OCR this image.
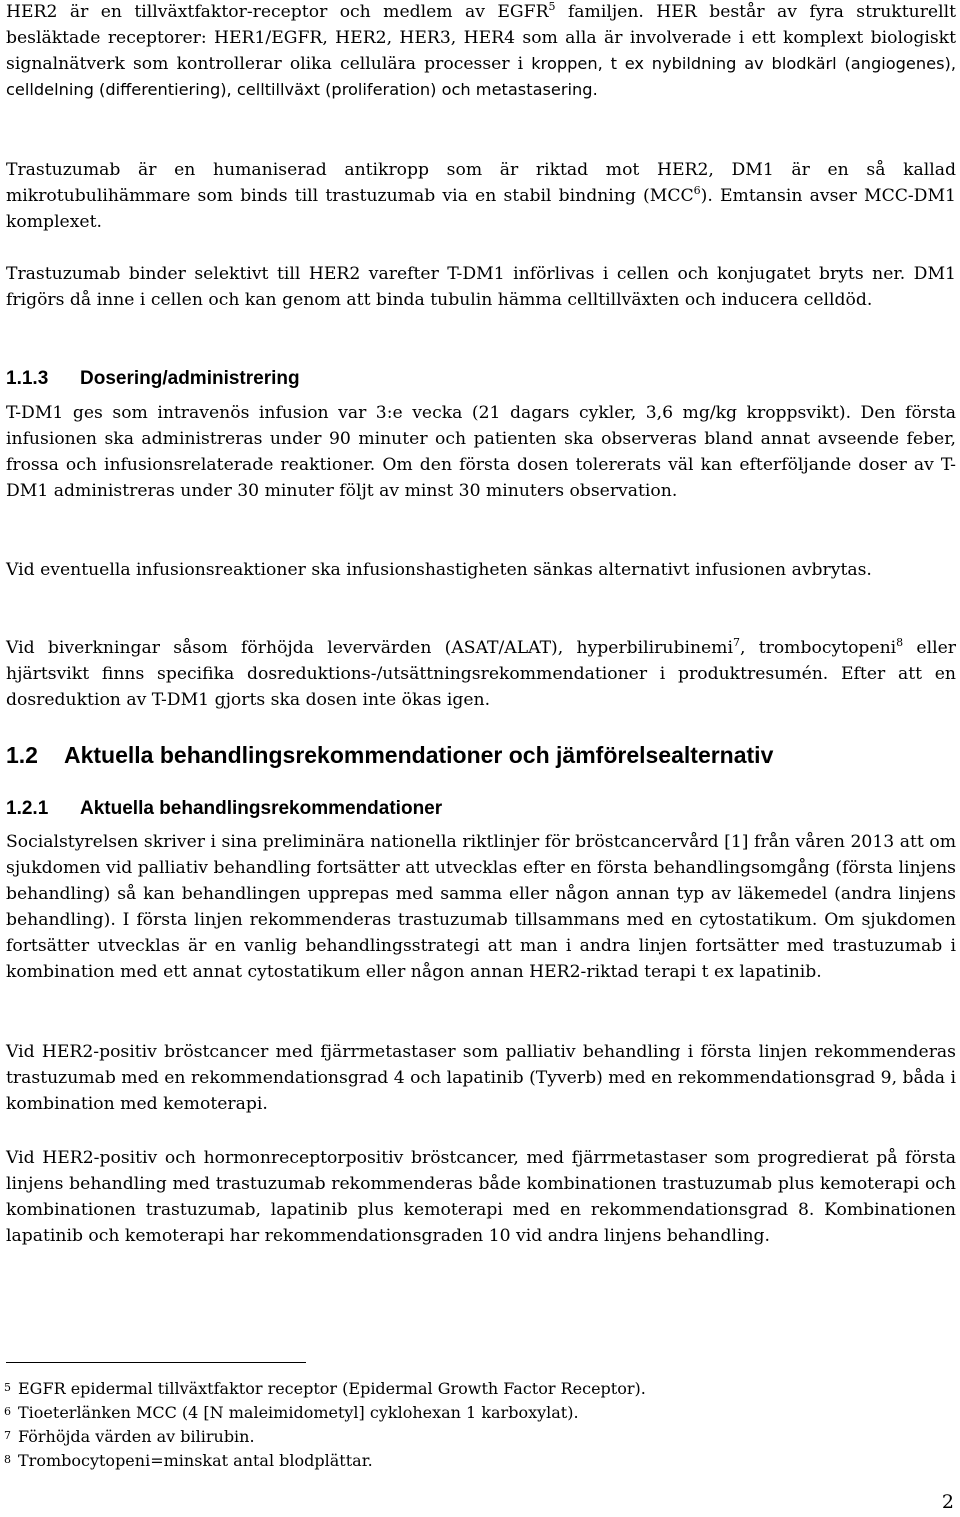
HER2 är en tillväxtfaktor-receptor och medlem av EGFR$^5$ familjen. HER består av fyra strukturellt besläktade receptorer: HER1/EGFR, HER2, HER3, HER4 som alla är involverade i ett komplext biologiskt signalnätverk som kontrollerar olika cellulära processer i kroppen, t ex nybildning av blodkärl (angiogenes), celldelning (differentiering), celltillväxt (proliferation) och metastasering.

Trastuzumab är en humaniserad antikropp som är riktad mot HER2, DM1 är en så kallad mikrotubulihämmare som binds till trastuzumab via en stabil bindning (MCC$^6$). Emtansin avser MCC-DM1 komplexet.

Trastuzumab binder selektivt till HER2 varefter T-DM1 införlivas i cellen och konjugatet bryts ner. DM1 frigörs då inne i cellen och kan genom att binda tubulin hämma celltillväxten och inducera celldöd.

1.1.3 Dosering/administrering

T-DM1 ges som intravenös infusion var 3:e vecka (21 dagars cykler, 3,6 mg/kg kroppsvikt). Den första infusionen ska administreras under 90 minuter och patienten ska observeras bland annat avseende feber, frossa och infusionsrelaterade reaktioner. Om den första dosen tolererats väl kan efterföljande doser av T-DM1 administreras under 30 minuter följt av minst 30 minuters observation.

Vid eventuella infusionsreaktioner ska infusionshastigheten sänkas alternativt infusionen avbrytas.

Vid biverkningar såsom förhöjda levervärden (ASAT/ALAT), hyperbilirubinemi$^7$, trombocytopeni$^8$ eller hjärtsvikt finns specifika dosreduktions-/utsättningsrekommendationer i produktresumén. Efter att en dosreduktion av T-DM1 gjorts ska dosen inte ökas igen.

1.2 Aktuella behandlingsrekommendationer och jämförelsealternativ
1.2.1 Aktuella behandlingsrekommendationer

Socialstyrelsen skriver i sina preliminära nationella riktlinjer för bröstcancervård [1] från våren 2013 att om sjukdomen vid palliativ behandling fortsätter att utvecklas efter en första behandlingsomgång (första linjens behandling) så kan behandlingen upprepas med samma eller någon annan typ av läkemedel (andra linjens behandling). I första linjen rekommenderas trastuzumab tillsammans med en cytostatikum. Om sjukdomen fortsätter utvecklas är en vanlig behandlingsstrategi att man i andra linjen fortsätter med trastuzumab i kombination med ett annat cytostatikum eller någon annan HER2-riktad terapi t ex lapatinib.

Vid HER2-positiv bröstcancer med fjärrmetastaser som palliativ behandling i första linjen rekommenderas trastuzumab med en rekommendationsgrad 4 och lapatinib (Tyverb) med en rekommendationsgrad 9, båda i kombination med kemoterapi.

Vid HER2-positiv och hormonreceptorpositiv bröstcancer, med fjärrmetastaser som progredierat på första linjens behandling med trastuzumab rekommenderas både kombinationen trastuzumab plus kemoterapi och kombinationen trastuzumab, lapatinib plus kemoterapi med en rekommendationsgrad 8. Kombinationen lapatinib och kemoterapi har rekommendationsgraden 10 vid andra linjens behandling.

5 EGFR epidermal tillväxtfaktor receptor (Epidermal Growth Factor Receptor).
6 Tioeterlänken MCC (4 [N maleimidometyl] cyklohexan 1 karboxylat).
7 Förhöjda värden av bilirubin.
8 Trombocytopeni=minskat antal blodplättar.
2
